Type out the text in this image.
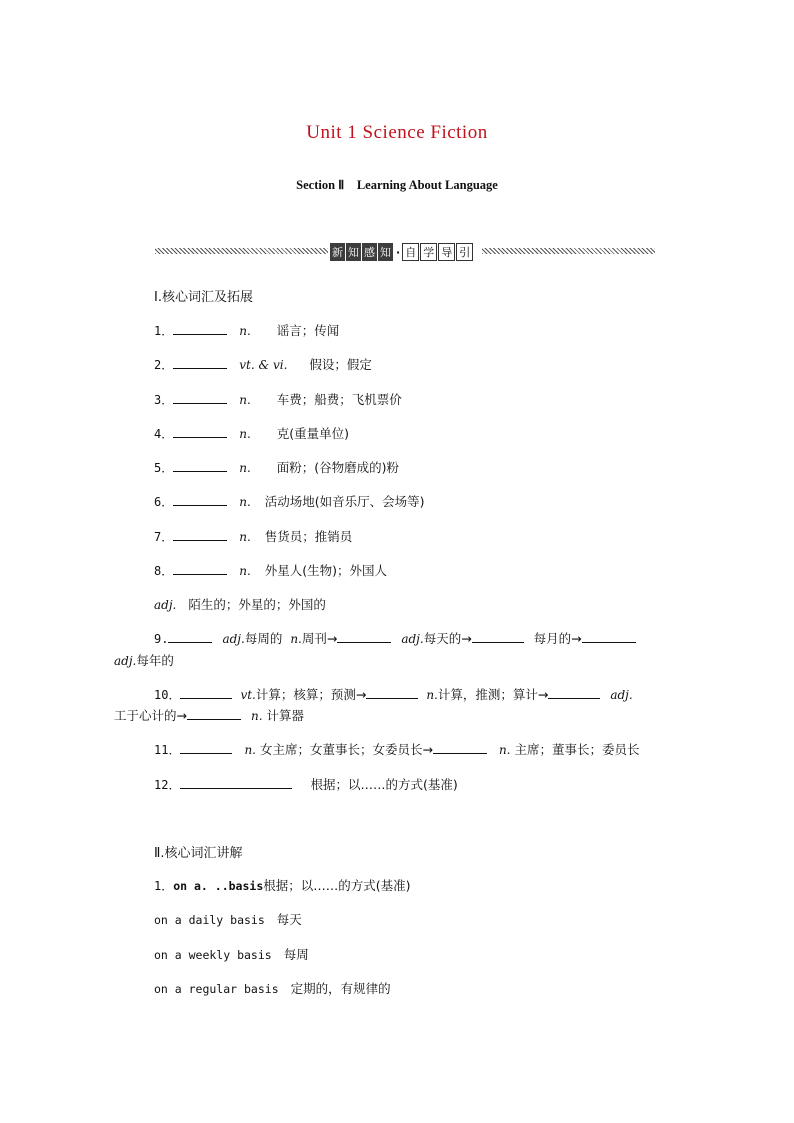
Unit 1 Science Fiction
Section Ⅱ　Learning About Language
新 知 感 知 · 自 学 导 引
Ⅰ.核心词汇及拓展
1．	n. 谣言；传闻
2．	vt. & vi. 假设；假定
3．	n. 车费；船费；飞机票价
4．	n. 克(重量单位)
5．	n. 面粉；(谷物磨成的)粉
6．	n. 活动场地(如音乐厅、会场等)
7．	n. 售货员；推销员
8．	n. 外星人(生物)；外国人
adj. 陌生的；外星的；外国的
9.	adj.每周的 n.周刊→	adj.每天的→	每月的→
adj.每年的
10．	vt.计算；核算；预测→	n.计算，推测；算计→	adj.
工于心计的→	n. 计算器
11．	n. 女主席；女董事长；女委员长→	n. 主席；董事长；委员长
12．	根据；以……的方式(基准)
Ⅱ.核心词汇讲解
1．on a. ..basis根据；以……的方式(基准)
on a daily basis 每天
on a weekly basis 每周
on a regular basis 定期的，有规律的
